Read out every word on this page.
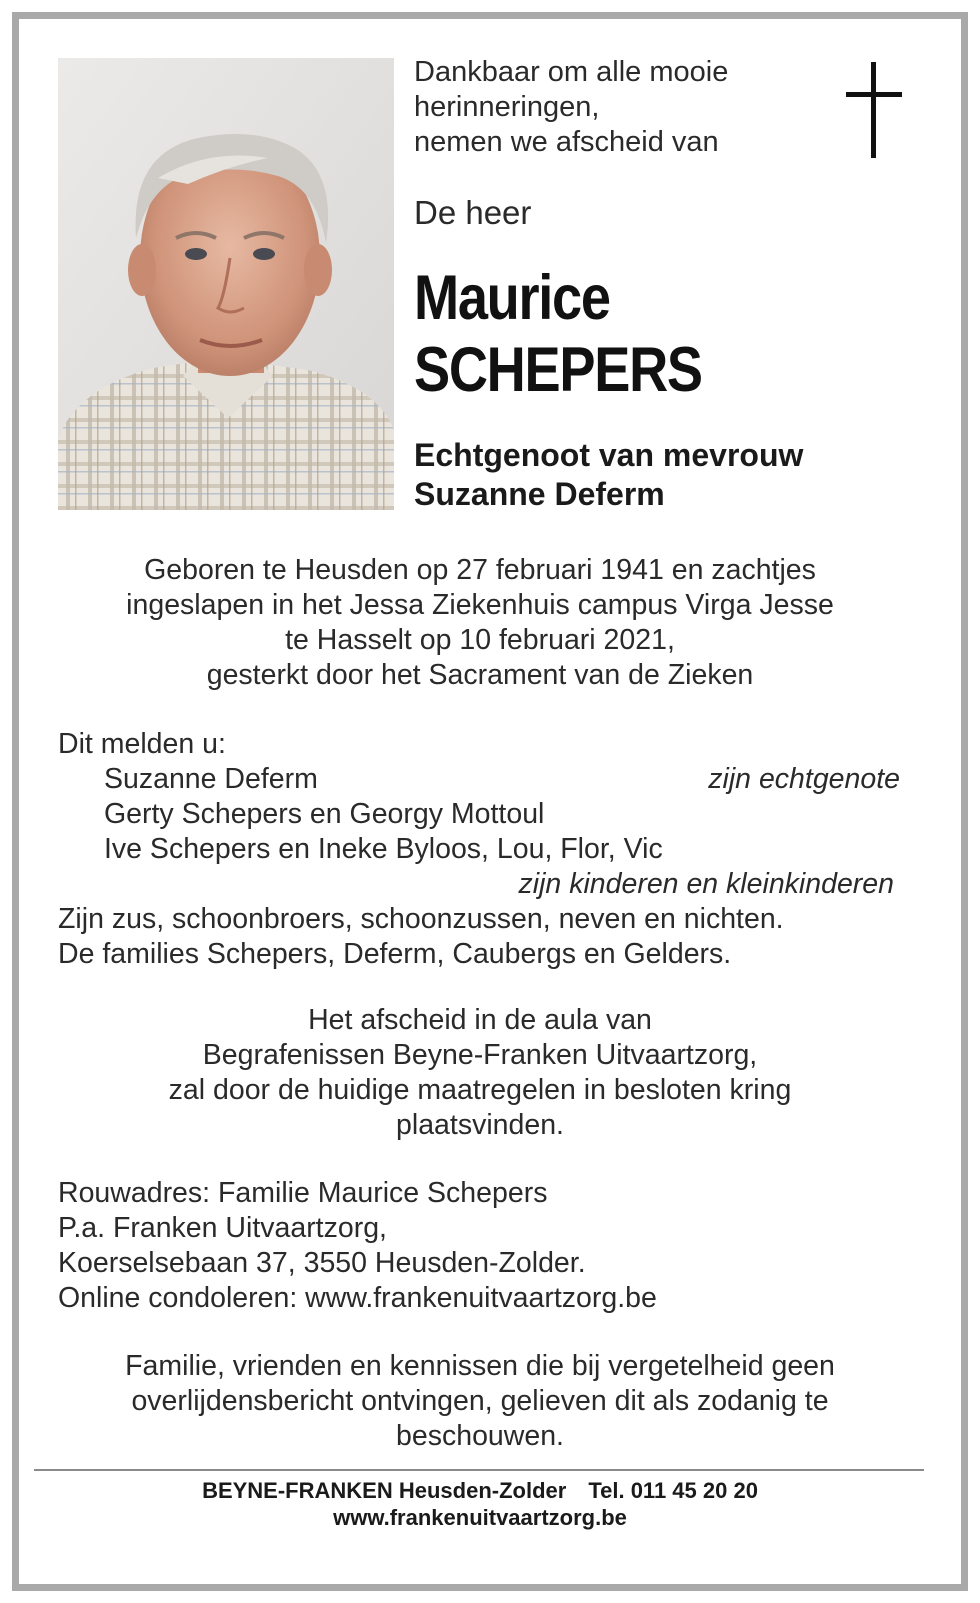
Dankbaar om alle mooie
herinneringen,
nemen we afscheid van
De heer
Maurice
SCHEPERS
Echtgenoot van mevrouw
Suzanne Deferm
Geboren te Heusden op 27 februari 1941 en zachtjes
ingeslapen in het Jessa Ziekenhuis campus Virga Jesse
te Hasselt op 10 februari 2021,
gesterkt door het Sacrament van de Zieken
Dit melden u:
Suzanne Deferm	zijn echtgenote
Gerty Schepers en Georgy Mottoul
Ive Schepers en Ineke Byloos, Lou, Flor, Vic
zijn kinderen en kleinkinderen
Zijn zus, schoonbroers, schoonzussen, neven en nichten.
De families Schepers, Deferm, Caubergs en Gelders.
Het afscheid in de aula van
Begrafenissen Beyne-Franken Uitvaartzorg,
zal door de huidige maatregelen in besloten kring
plaatsvinden.
Rouwadres: Familie Maurice Schepers
P.a. Franken Uitvaartzorg,
Koerselsebaan 37, 3550 Heusden-Zolder.
Online condoleren: www.frankenuitvaartzorg.be
Familie, vrienden en kennissen die bij vergetelheid geen
overlijdensbericht ontvingen, gelieven dit als zodanig te
beschouwen.
BEYNE-FRANKEN Heusden-Zolder Tel. 011 45 20 20
www.frankenuitvaartzorg.be
